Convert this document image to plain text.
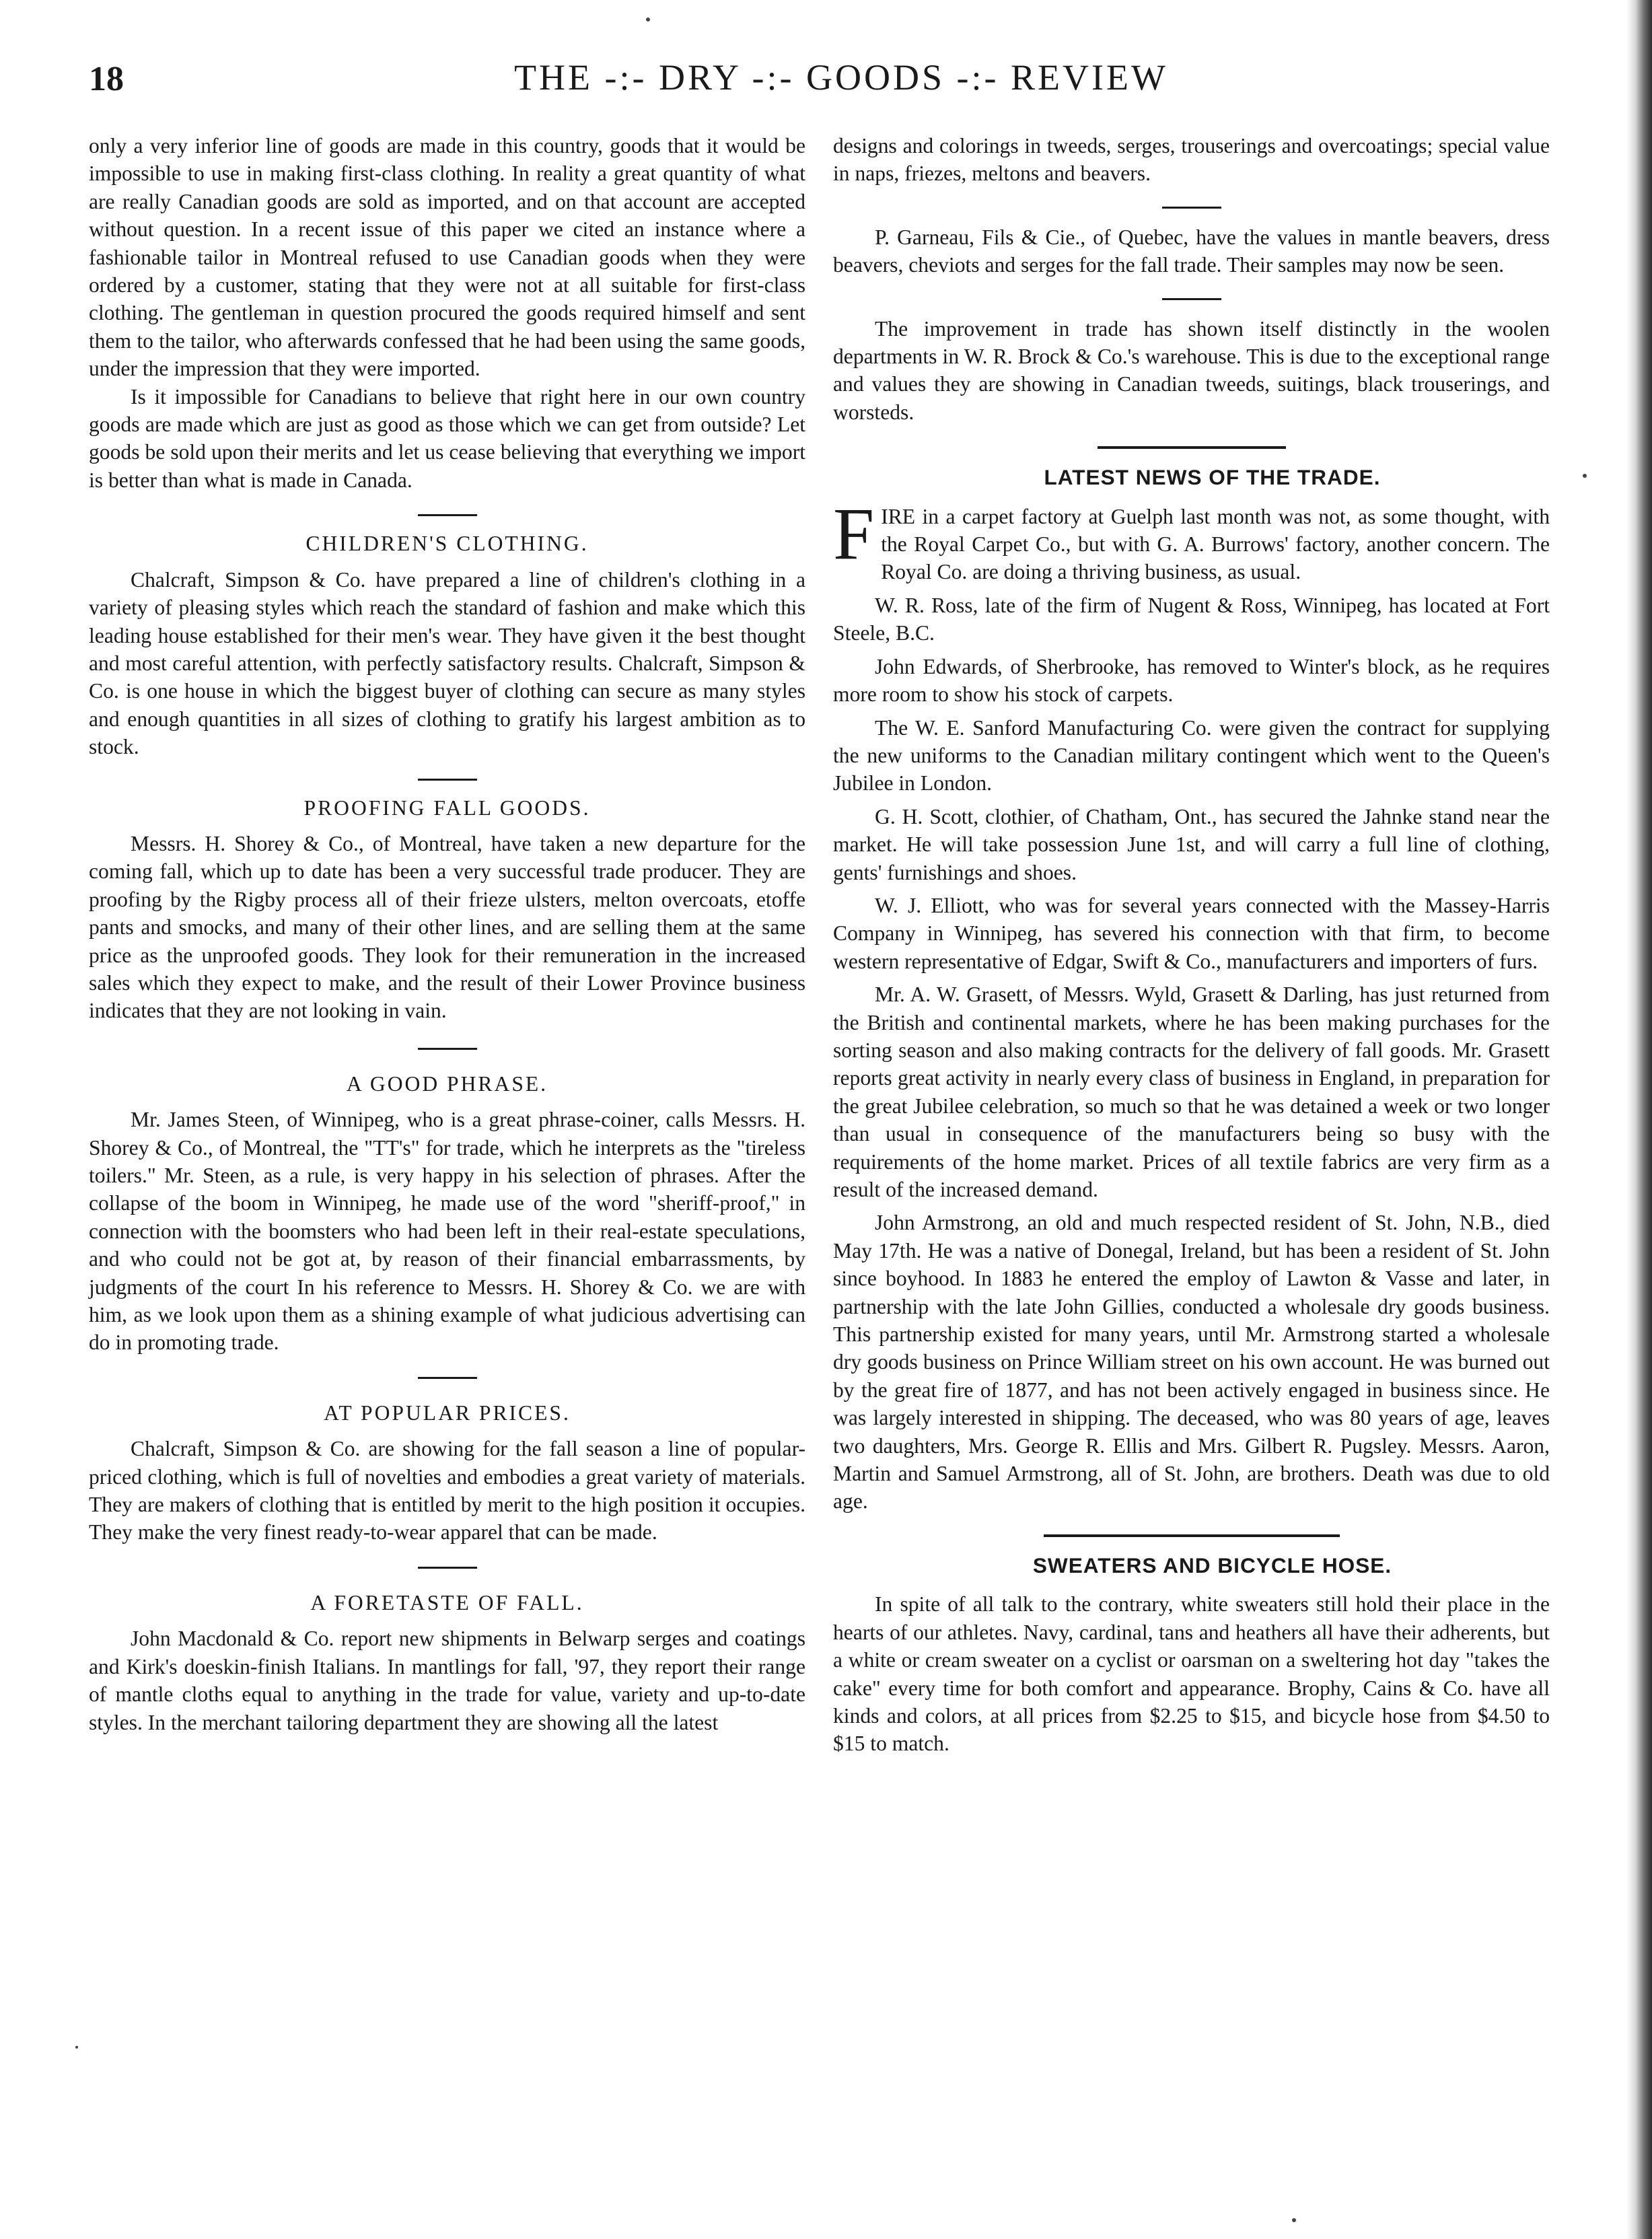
18	THE -:- DRY -:- GOODS -:- REVIEW

only a very inferior line of goods are made in this country, goods that it would be impossible to use in making first-class clothing. In reality a great quantity of what are really Canadian goods are sold as imported, and on that account are accepted without question. In a recent issue of this paper we cited an instance where a fashionable tailor in Montreal refused to use Canadian goods when they were ordered by a customer, stating that they were not at all suitable for first-class clothing. The gentleman in question procured the goods required himself and sent them to the tailor, who afterwards confessed that he had been using the same goods, under the impression that they were imported.

Is it impossible for Canadians to believe that right here in our own country goods are made which are just as good as those which we can get from outside? Let goods be sold upon their merits and let us cease believing that everything we import is better than what is made in Canada.

CHILDREN'S CLOTHING.

Chalcraft, Simpson & Co. have prepared a line of children's clothing in a variety of pleasing styles which reach the standard of fashion and make which this leading house established for their men's wear. They have given it the best thought and most careful attention, with perfectly satisfactory results. Chalcraft, Simpson & Co. is one house in which the biggest buyer of clothing can secure as many styles and enough quantities in all sizes of clothing to gratify his largest ambition as to stock.

PROOFING FALL GOODS.

Messrs. H. Shorey & Co., of Montreal, have taken a new departure for the coming fall, which up to date has been a very successful trade producer. They are proofing by the Rigby process all of their frieze ulsters, melton overcoats, etoffe pants and smocks, and many of their other lines, and are selling them at the same price as the unproofed goods. They look for their remuneration in the increased sales which they expect to make, and the result of their Lower Province business indicates that they are not looking in vain.

A GOOD PHRASE.

Mr. James Steen, of Winnipeg, who is a great phrase-coiner, calls Messrs. H. Shorey & Co., of Montreal, the "TT's" for trade, which he interprets as the "tireless toilers." Mr. Steen, as a rule, is very happy in his selection of phrases. After the collapse of the boom in Winnipeg, he made use of the word "sheriff-proof," in connection with the boomsters who had been left in their real-estate speculations, and who could not be got at, by reason of their financial embarrassments, by judgments of the court In his reference to Messrs. H. Shorey & Co. we are with him, as we look upon them as a shining example of what judicious advertising can do in promoting trade.

AT POPULAR PRICES.

Chalcraft, Simpson & Co. are showing for the fall season a line of popular-priced clothing, which is full of novelties and embodies a great variety of materials. They are makers of clothing that is entitled by merit to the high position it occupies. They make the very finest ready-to-wear apparel that can be made.

A FORETASTE OF FALL.

John Macdonald & Co. report new shipments in Belwarp serges and coatings and Kirk's doeskin-finish Italians. In mantlings for fall, '97, they report their range of mantle cloths equal to anything in the trade for value, variety and up-to-date styles. In the merchant tailoring department they are showing all the latest

designs and colorings in tweeds, serges, trouserings and overcoatings; special value in naps, friezes, meltons and beavers.

P. Garneau, Fils & Cie., of Quebec, have the values in mantle beavers, dress beavers, cheviots and serges for the fall trade. Their samples may now be seen.

The improvement in trade has shown itself distinctly in the woolen departments in W. R. Brock & Co.'s warehouse. This is due to the exceptional range and values they are showing in Canadian tweeds, suitings, black trouserings, and worsteds.

LATEST NEWS OF THE TRADE.

FIRE in a carpet factory at Guelph last month was not, as some thought, with the Royal Carpet Co., but with G. A. Burrows' factory, another concern. The Royal Co. are doing a thriving business, as usual.

W. R. Ross, late of the firm of Nugent & Ross, Winnipeg, has located at Fort Steele, B.C.

John Edwards, of Sherbrooke, has removed to Winter's block, as he requires more room to show his stock of carpets.

The W. E. Sanford Manufacturing Co. were given the contract for supplying the new uniforms to the Canadian military contingent which went to the Queen's Jubilee in London.

G. H. Scott, clothier, of Chatham, Ont., has secured the Jahnke stand near the market. He will take possession June 1st, and will carry a full line of clothing, gents' furnishings and shoes.

W. J. Elliott, who was for several years connected with the Massey-Harris Company in Winnipeg, has severed his connection with that firm, to become western representative of Edgar, Swift & Co., manufacturers and importers of furs.

Mr. A. W. Grasett, of Messrs. Wyld, Grasett & Darling, has just returned from the British and continental markets, where he has been making purchases for the sorting season and also making contracts for the delivery of fall goods. Mr. Grasett reports great activity in nearly every class of business in England, in preparation for the great Jubilee celebration, so much so that he was detained a week or two longer than usual in consequence of the manufacturers being so busy with the requirements of the home market. Prices of all textile fabrics are very firm as a result of the increased demand.

John Armstrong, an old and much respected resident of St. John, N.B., died May 17th. He was a native of Donegal, Ireland, but has been a resident of St. John since boyhood. In 1883 he entered the employ of Lawton & Vasse and later, in partnership with the late John Gillies, conducted a wholesale dry goods business. This partnership existed for many years, until Mr. Armstrong started a wholesale dry goods business on Prince William street on his own account. He was burned out by the great fire of 1877, and has not been actively engaged in business since. He was largely interested in shipping. The deceased, who was 80 years of age, leaves two daughters, Mrs. George R. Ellis and Mrs. Gilbert R. Pugsley. Messrs. Aaron, Martin and Samuel Armstrong, all of St. John, are brothers. Death was due to old age.

SWEATERS AND BICYCLE HOSE.

In spite of all talk to the contrary, white sweaters still hold their place in the hearts of our athletes. Navy, cardinal, tans and heathers all have their adherents, but a white or cream sweater on a cyclist or oarsman on a sweltering hot day "takes the cake" every time for both comfort and appearance. Brophy, Cains & Co. have all kinds and colors, at all prices from $2.25 to $15, and bicycle hose from $4.50 to $15 to match.
